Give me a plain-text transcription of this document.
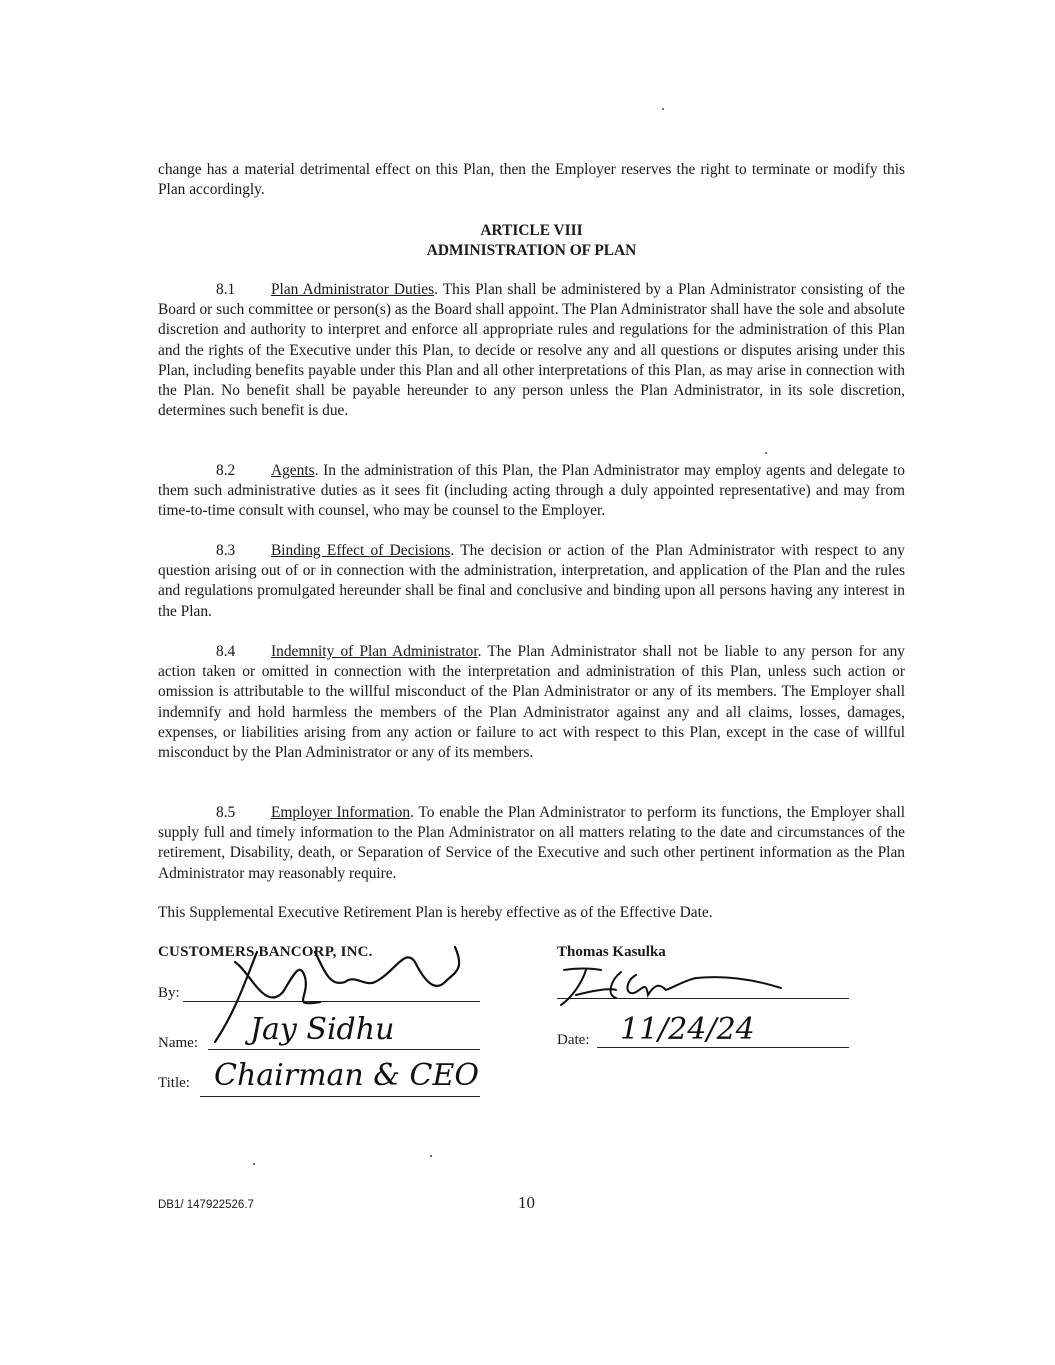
change has a material detrimental effect on this Plan, then the Employer reserves the right to terminate or modify this Plan accordingly.
ARTICLE VIII
ADMINISTRATION OF PLAN
8.1 Plan Administrator Duties. This Plan shall be administered by a Plan Administrator consisting of the Board or such committee or person(s) as the Board shall appoint. The Plan Administrator shall have the sole and absolute discretion and authority to interpret and enforce all appropriate rules and regulations for the administration of this Plan and the rights of the Executive under this Plan, to decide or resolve any and all questions or disputes arising under this Plan, including benefits payable under this Plan and all other interpretations of this Plan, as may arise in connection with the Plan. No benefit shall be payable hereunder to any person unless the Plan Administrator, in its sole discretion, determines such benefit is due.
8.2 Agents. In the administration of this Plan, the Plan Administrator may employ agents and delegate to them such administrative duties as it sees fit (including acting through a duly appointed representative) and may from time-to-time consult with counsel, who may be counsel to the Employer.
8.3 Binding Effect of Decisions. The decision or action of the Plan Administrator with respect to any question arising out of or in connection with the administration, interpretation, and application of the Plan and the rules and regulations promulgated hereunder shall be final and conclusive and binding upon all persons having any interest in the Plan.
8.4 Indemnity of Plan Administrator. The Plan Administrator shall not be liable to any person for any action taken or omitted in connection with the interpretation and administration of this Plan, unless such action or omission is attributable to the willful misconduct of the Plan Administrator or any of its members. The Employer shall indemnify and hold harmless the members of the Plan Administrator against any and all claims, losses, damages, expenses, or liabilities arising from any action or failure to act with respect to this Plan, except in the case of willful misconduct by the Plan Administrator or any of its members.
8.5 Employer Information. To enable the Plan Administrator to perform its functions, the Employer shall supply full and timely information to the Plan Administrator on all matters relating to the date and circumstances of the retirement, Disability, death, or Separation of Service of the Executive and such other pertinent information as the Plan Administrator may reasonably require.
This Supplemental Executive Retirement Plan is hereby effective as of the Effective Date.
CUSTOMERS BANCORP, INC.
By:
Name: Jay Sidhu
Title: Chairman & CEO
Thomas Kasulka
Date: 11/24/24
DB1/ 147922526.7	10
